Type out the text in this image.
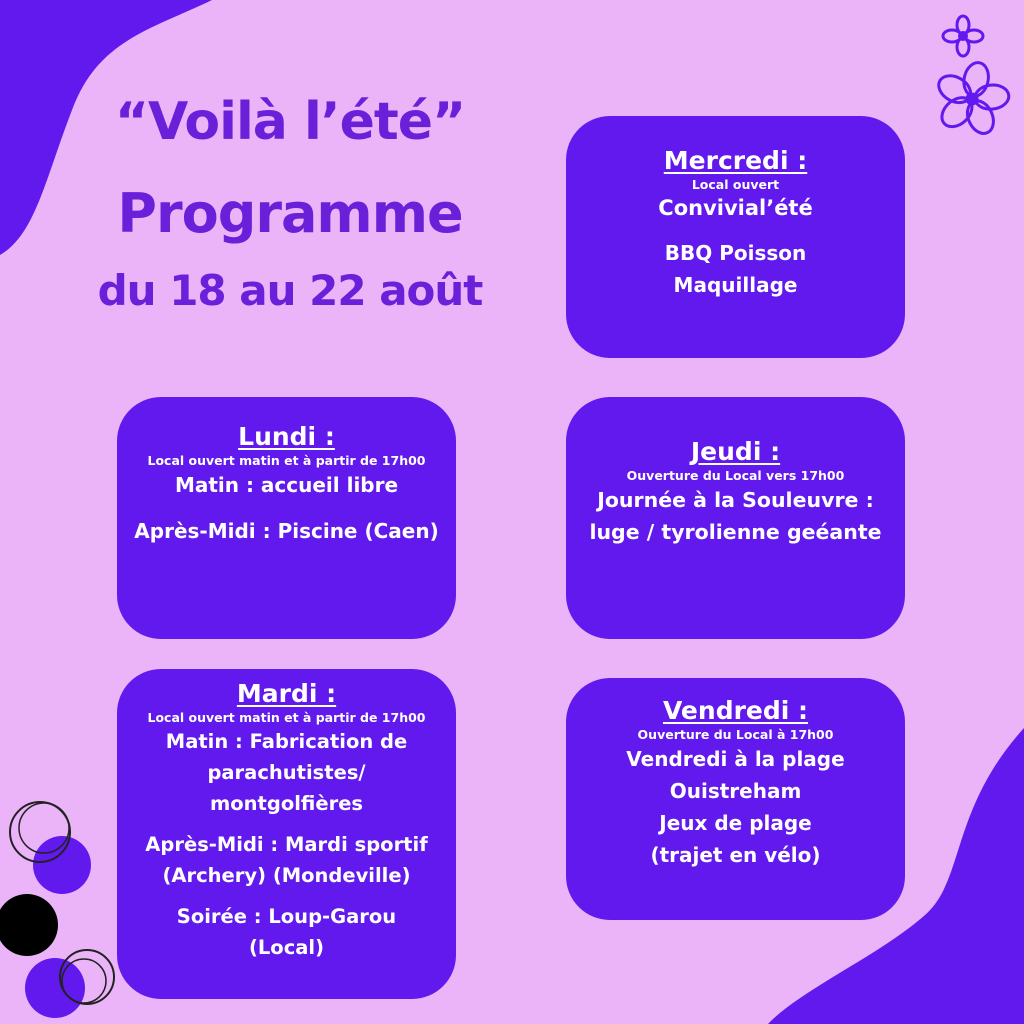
“Voilà l’été”
Programme
du 18 au 22 août
Mercredi :
Local ouvert
Convivial’été
BBQ Poisson
Maquillage
Lundi :
Local ouvert matin et à partir de 17h00
Matin : accueil libre
Après-Midi : Piscine (Caen)
Jeudi :
Ouverture du Local vers 17h00
Journée à la Souleuvre :
luge / tyrolienne geéante
Mardi :
Local ouvert matin et à partir de 17h00
Matin : Fabrication de
parachutistes/
montgolfières
Après-Midi : Mardi sportif
(Archery) (Mondeville)
Soirée : Loup-Garou
(Local)
Vendredi :
Ouverture du Local à 17h00
Vendredi à la plage
Ouistreham
Jeux de plage
(trajet en vélo)
